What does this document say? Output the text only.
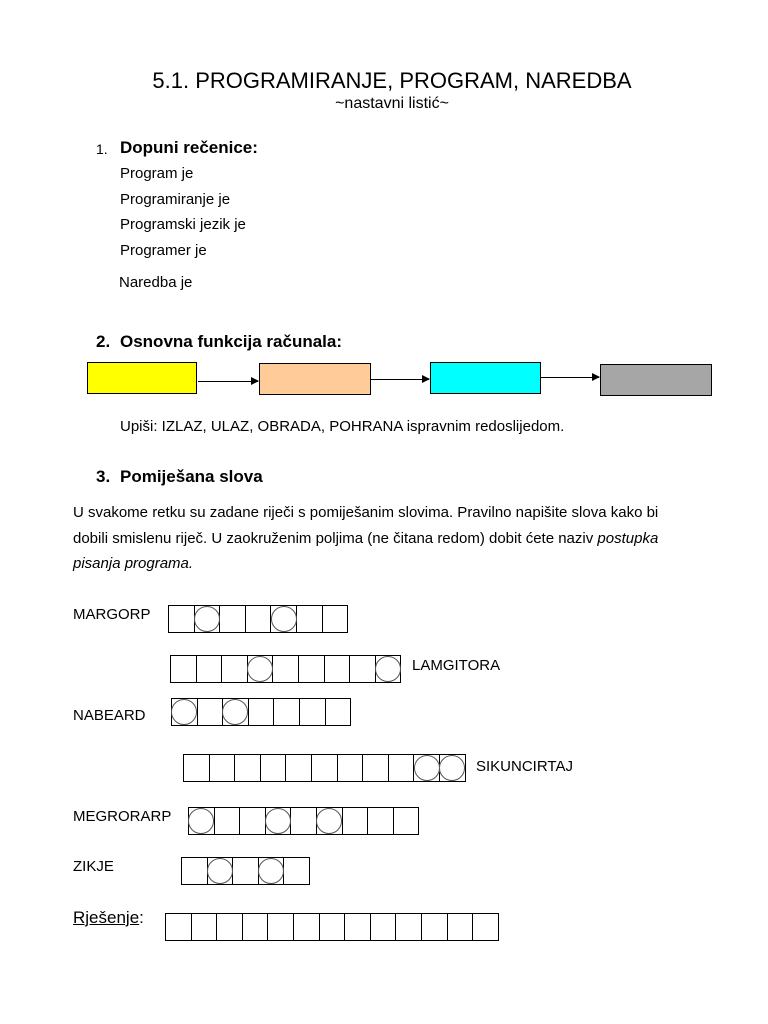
5.1. PROGRAMIRANJE, PROGRAM, NAREDBA
~nastavni listić~
1. Dopuni rečenice:
Program je
Programiranje je
Programski jezik je
Programer je
Naredba je
2. Osnovna funkcija računala:
Upiši: IZLAZ, ULAZ, OBRADA, POHRANA ispravnim redoslijedom.
3. Pomiješana slova
U svakome retku su zadane riječi s pomiješanim slovima. Pravilno napišite slova kako bi dobili smislenu riječ. U zaokruženim poljima (ne čitana redom) dobit ćete naziv postupka pisanja programa.
MARGORP
LAMGITORA
NABEARD
SIKUNCIRTAJ
MEGRORARP
ZIKJE
Rješenje:
